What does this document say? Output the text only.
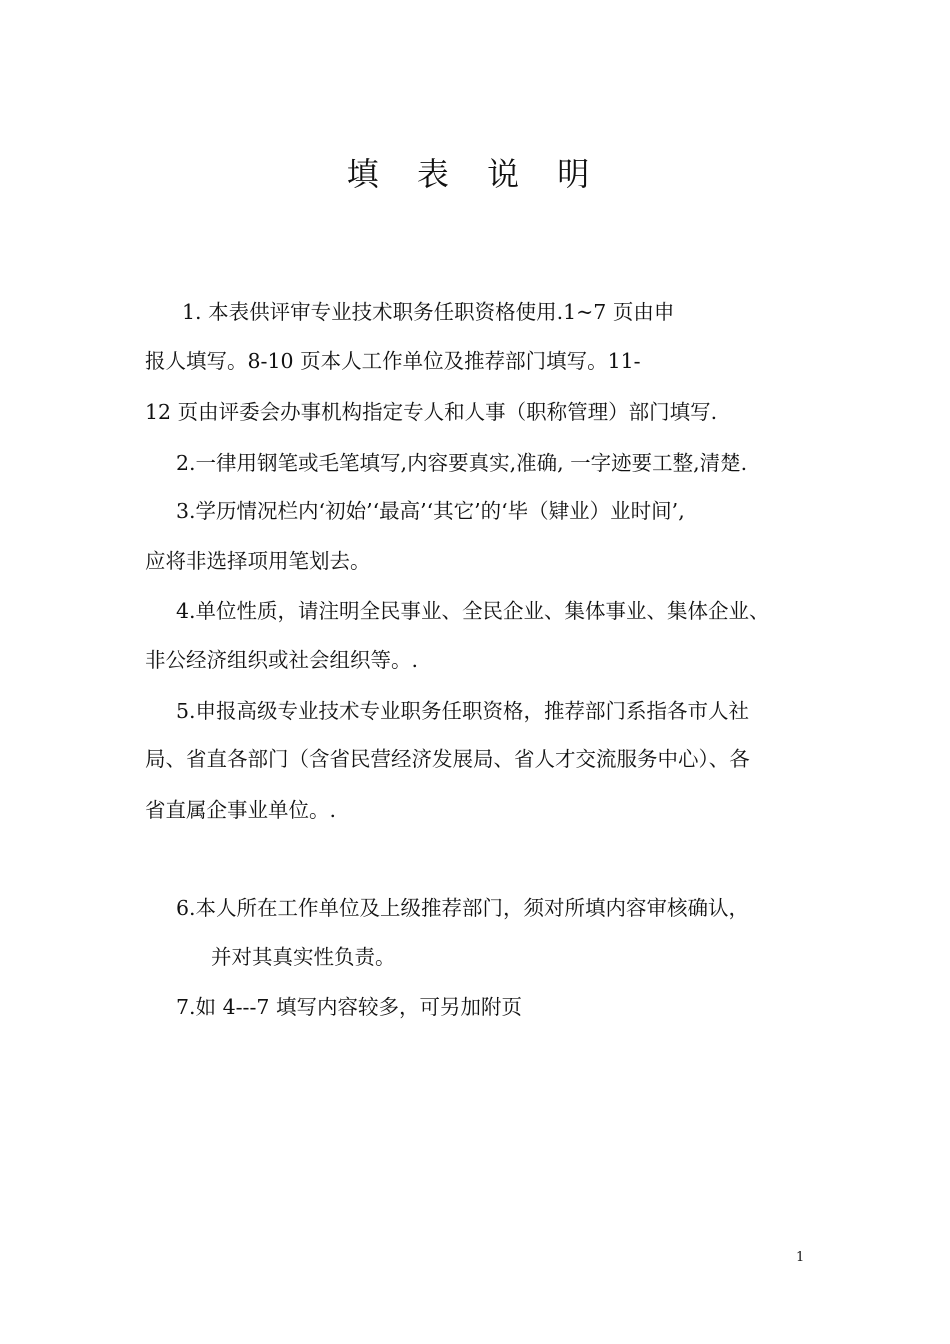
填 表 说 明
1. 本表供评审专业技术职务任职资格使用.1~7 页由申
报人填写。8-10 页本人工作单位及推荐部门填写。11-
12 页由评委会办事机构指定专人和人事（职称管理）部门填写.
2.一律用钢笔或毛笔填写,内容要真实,准确, 一字迹要工整,清楚.
3.学历情况栏内‘初始’‘最高’‘其它’的‘毕（肄业）业时间’,
应将非选择项用笔划去。
4.单位性质，请注明全民事业、全民企业、集体事业、集体企业、
非公经济组织或社会组织等。.
5.申报高级专业技术专业职务任职资格，推荐部门系指各市人社
局、省直各部门（含省民营经济发展局、省人才交流服务中心）、各
省直属企事业单位。.
6.本人所在工作单位及上级推荐部门，须对所填内容审核确认，
并对其真实性负责。
7.如 4---7 填写内容较多，可另加附页
1
